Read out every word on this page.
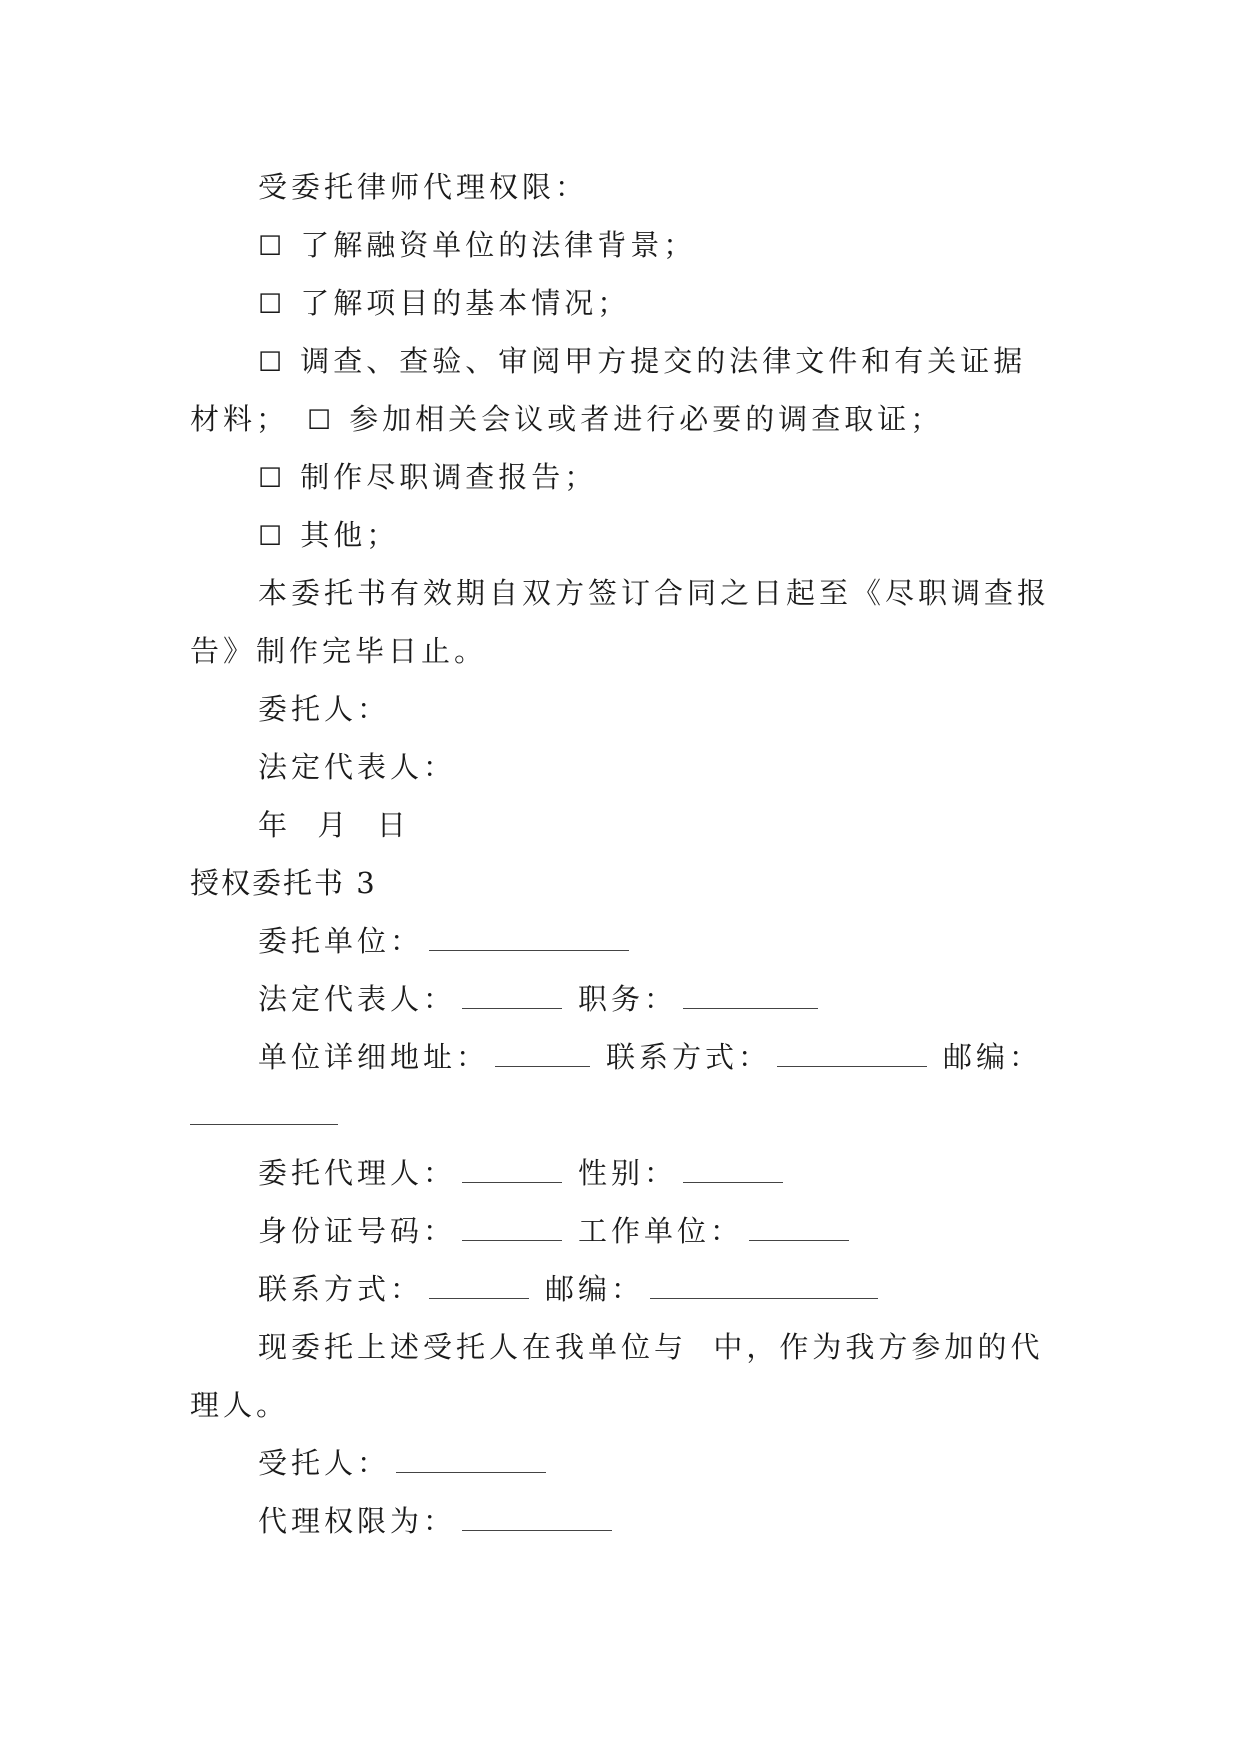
受委托律师代理权限：
☐ 了解融资单位的法律背景；
☐ 了解项目的基本情况；
☐ 调查、查验、审阅甲方提交的法律文件和有关证据
材料； ☐ 参加相关会议或者进行必要的调查取证；
☐ 制作尽职调查报告；
☐ 其他；
本委托书有效期自双方签订合同之日起至《尽职调查报
告》制作完毕日止。
委托人：
法定代表人：
年  月  日
授权委托书 3
委托单位：
法定代表人：	职务：
单位详细地址：	联系方式：	邮编：
委托代理人：	性别：
身份证号码：	工作单位：
联系方式：	邮编：
现委托上述受托人在我单位与  中，作为我方参加的代
理人。
受托人：
代理权限为：
